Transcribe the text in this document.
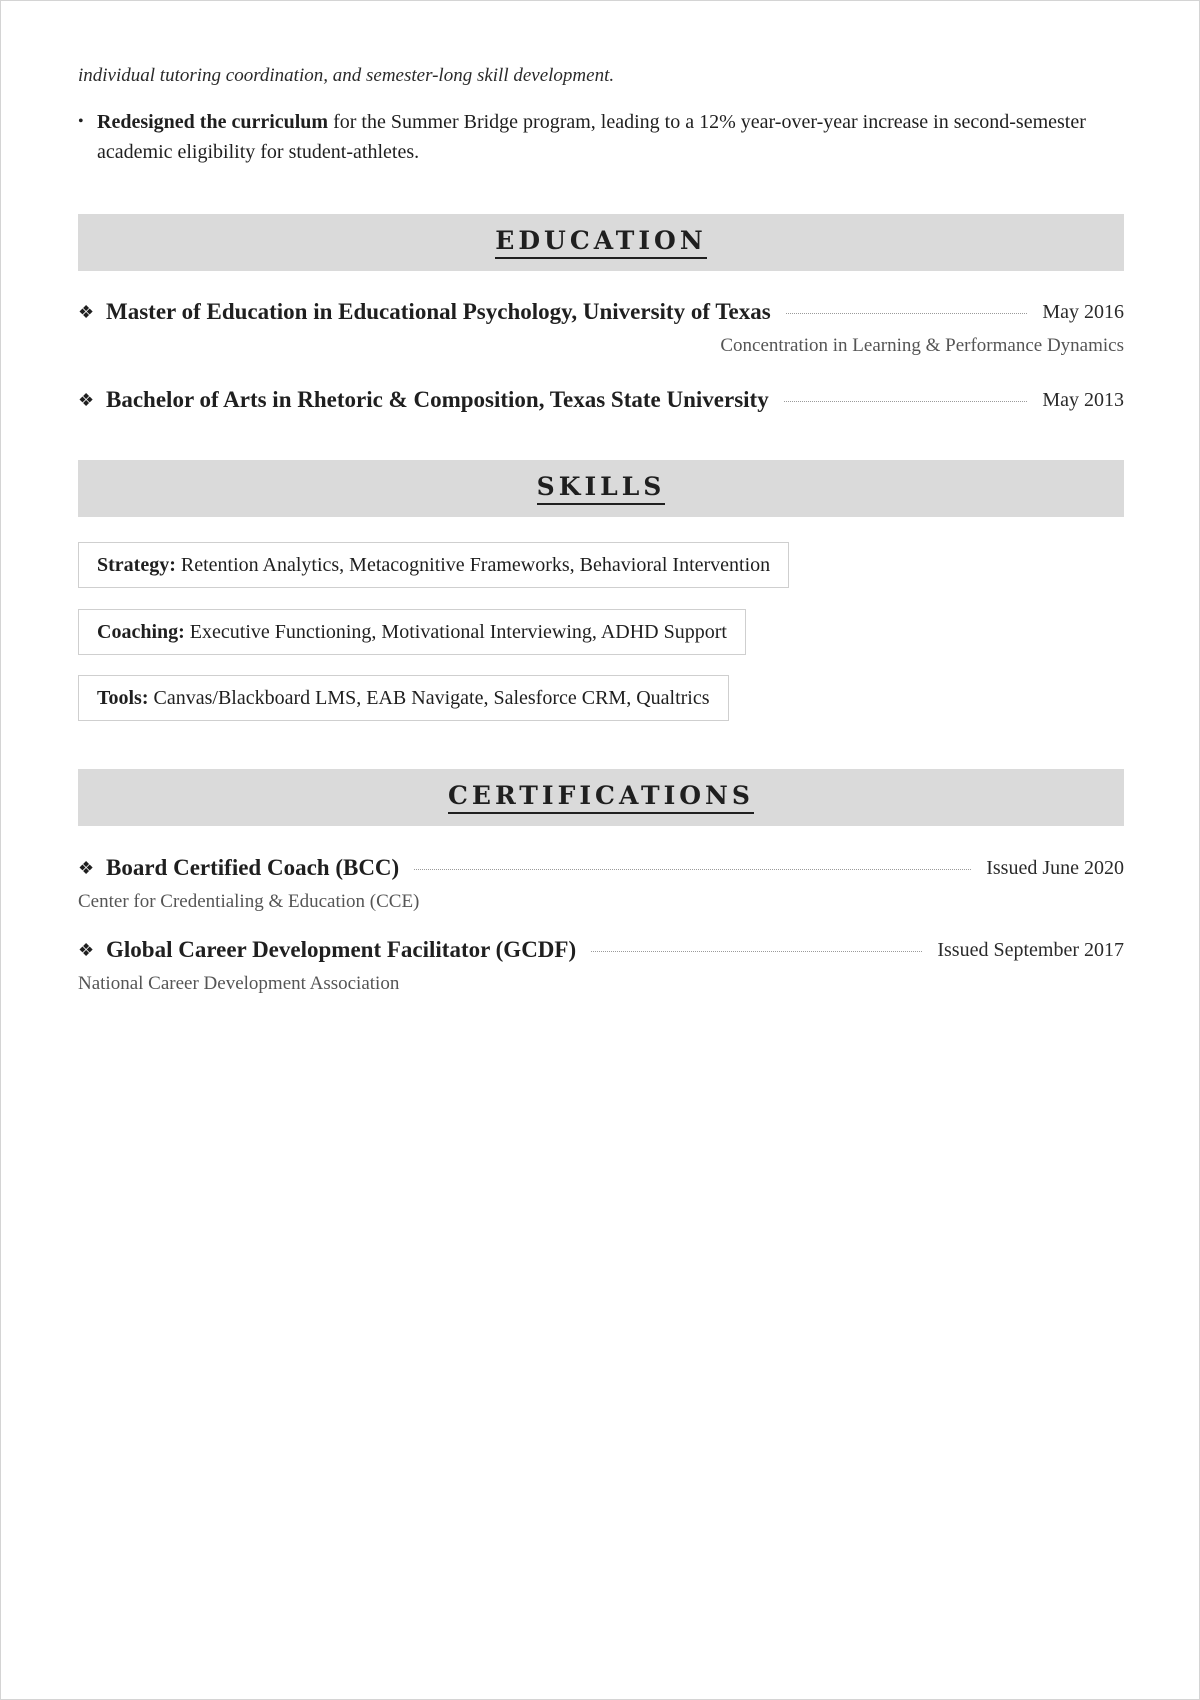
individual tutoring coordination, and semester-long skill development.
• Redesigned the curriculum for the Summer Bridge program, leading to a 12% year-over-year increase in second-semester academic eligibility for student-athletes.
EDUCATION
❖ Master of Education in Educational Psychology, University of Texas	May 2016
Concentration in Learning & Performance Dynamics
❖ Bachelor of Arts in Rhetoric & Composition, Texas State University	May 2013
SKILLS
Strategy: Retention Analytics, Metacognitive Frameworks, Behavioral Intervention
Coaching: Executive Functioning, Motivational Interviewing, ADHD Support
Tools: Canvas/Blackboard LMS, EAB Navigate, Salesforce CRM, Qualtrics
CERTIFICATIONS
❖ Board Certified Coach (BCC)	Issued June 2020
Center for Credentialing & Education (CCE)
❖ Global Career Development Facilitator (GCDF)	Issued September 2017
National Career Development Association
